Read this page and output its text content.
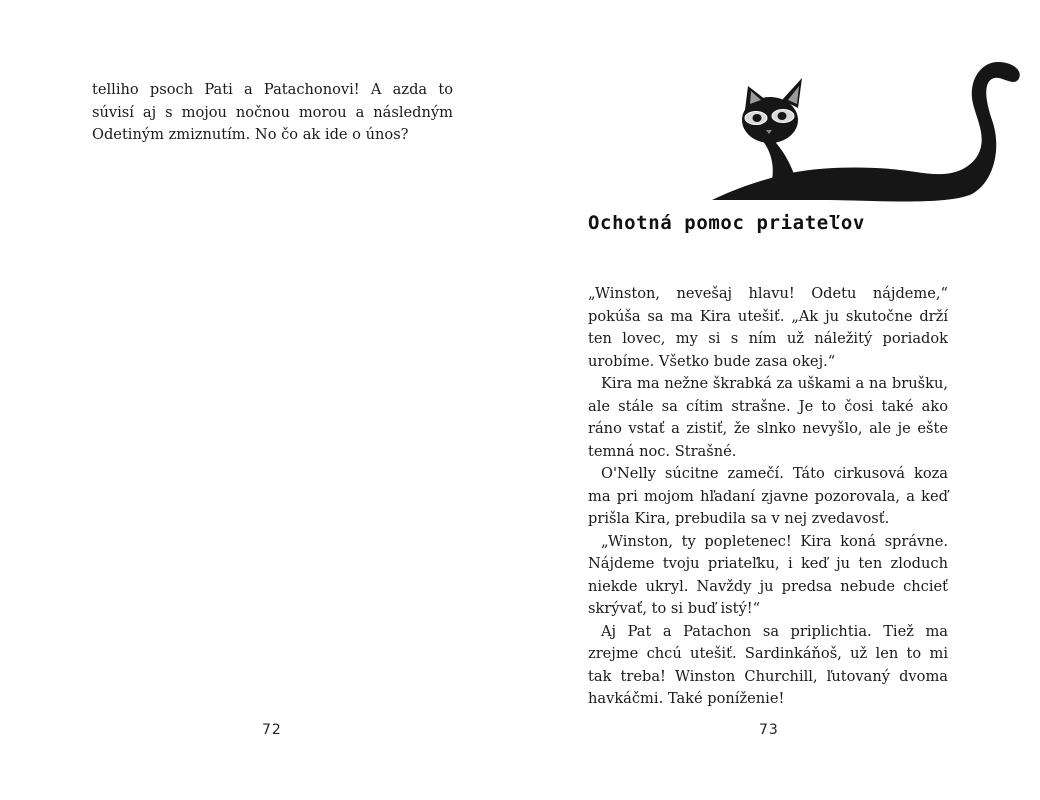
telliho psoch Pati a Patachonovi! A azda to súvisí aj s mojou nočnou morou a následným Odetiným zmiznutím. No čo ak ide o únos?

72
Ochotná pomoc priateľov

„Winston, nevešaj hlavu! Odetu nájdeme,“ pokúša sa ma Kira utešiť. „Ak ju skutočne drží ten lovec, my si s ním už náležitý poriadok urobíme. Všetko bude zasa okej.“

Kira ma nežne škrabká za uškami a na brušku, ale stále sa cítim strašne. Je to čosi také ako ráno vstať a zistiť, že slnko nevyšlo, ale je ešte temná noc. Strašné.

O'Nelly súcitne zamečí. Táto cirkusová koza ma pri mojom hľadaní zjavne pozorovala, a keď prišla Kira, prebudila sa v nej zvedavosť.

„Winston, ty popletenec! Kira koná správne. Nájdeme tvoju priateľku, i keď ju ten zloduch niekde ukryl. Navždy ju predsa nebude chcieť skrývať, to si buď istý!“

Aj Pat a Patachon sa priplichtia. Tiež ma zrejme chcú utešiť. Sardinkáňoš, už len to mi tak treba! Winston Churchill, ľutovaný dvoma havkáčmi. Také poníženie!

73
